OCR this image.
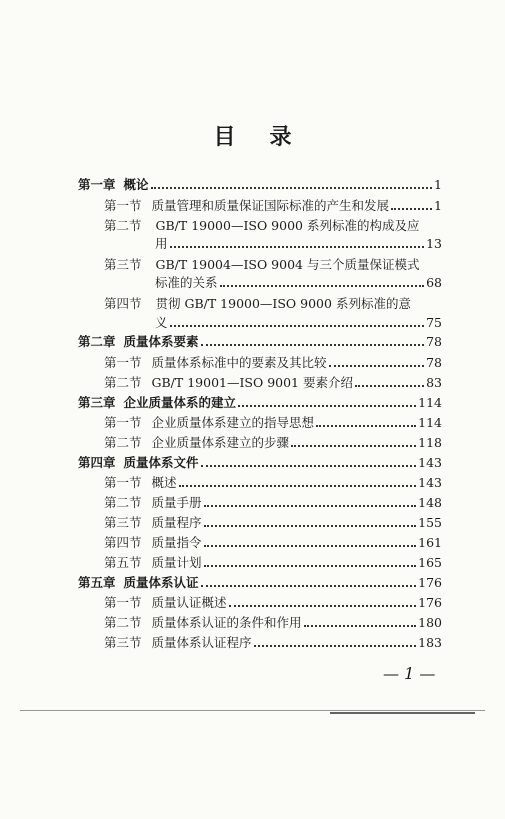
目录
第一章 概论	1
第一节 质量管理和质量保证国际标准的产生和发展	1
第二节 GB/T 19000—ISO 9000 系列标准的构成及应
用	13
第三节 GB/T 19004—ISO 9004 与三个质量保证模式
标准的关系	68
第四节 贯彻 GB/T 19000—ISO 9000 系列标准的意
义	75
第二章 质量体系要素	78
第一节 质量体系标准中的要素及其比较	78
第二节 GB/T 19001—ISO 9001 要素介绍	83
第三章 企业质量体系的建立	114
第一节 企业质量体系建立的指导思想	114
第二节 企业质量体系建立的步骤	118
第四章 质量体系文件	143
第一节 概述	143
第二节 质量手册	148
第三节 质量程序	155
第四节 质量指令	161
第五节 质量计划	165
第五章 质量体系认证	176
第一节 质量认证概述	176
第二节 质量体系认证的条件和作用	180
第三节 质量体系认证程序	183
— 1 —
